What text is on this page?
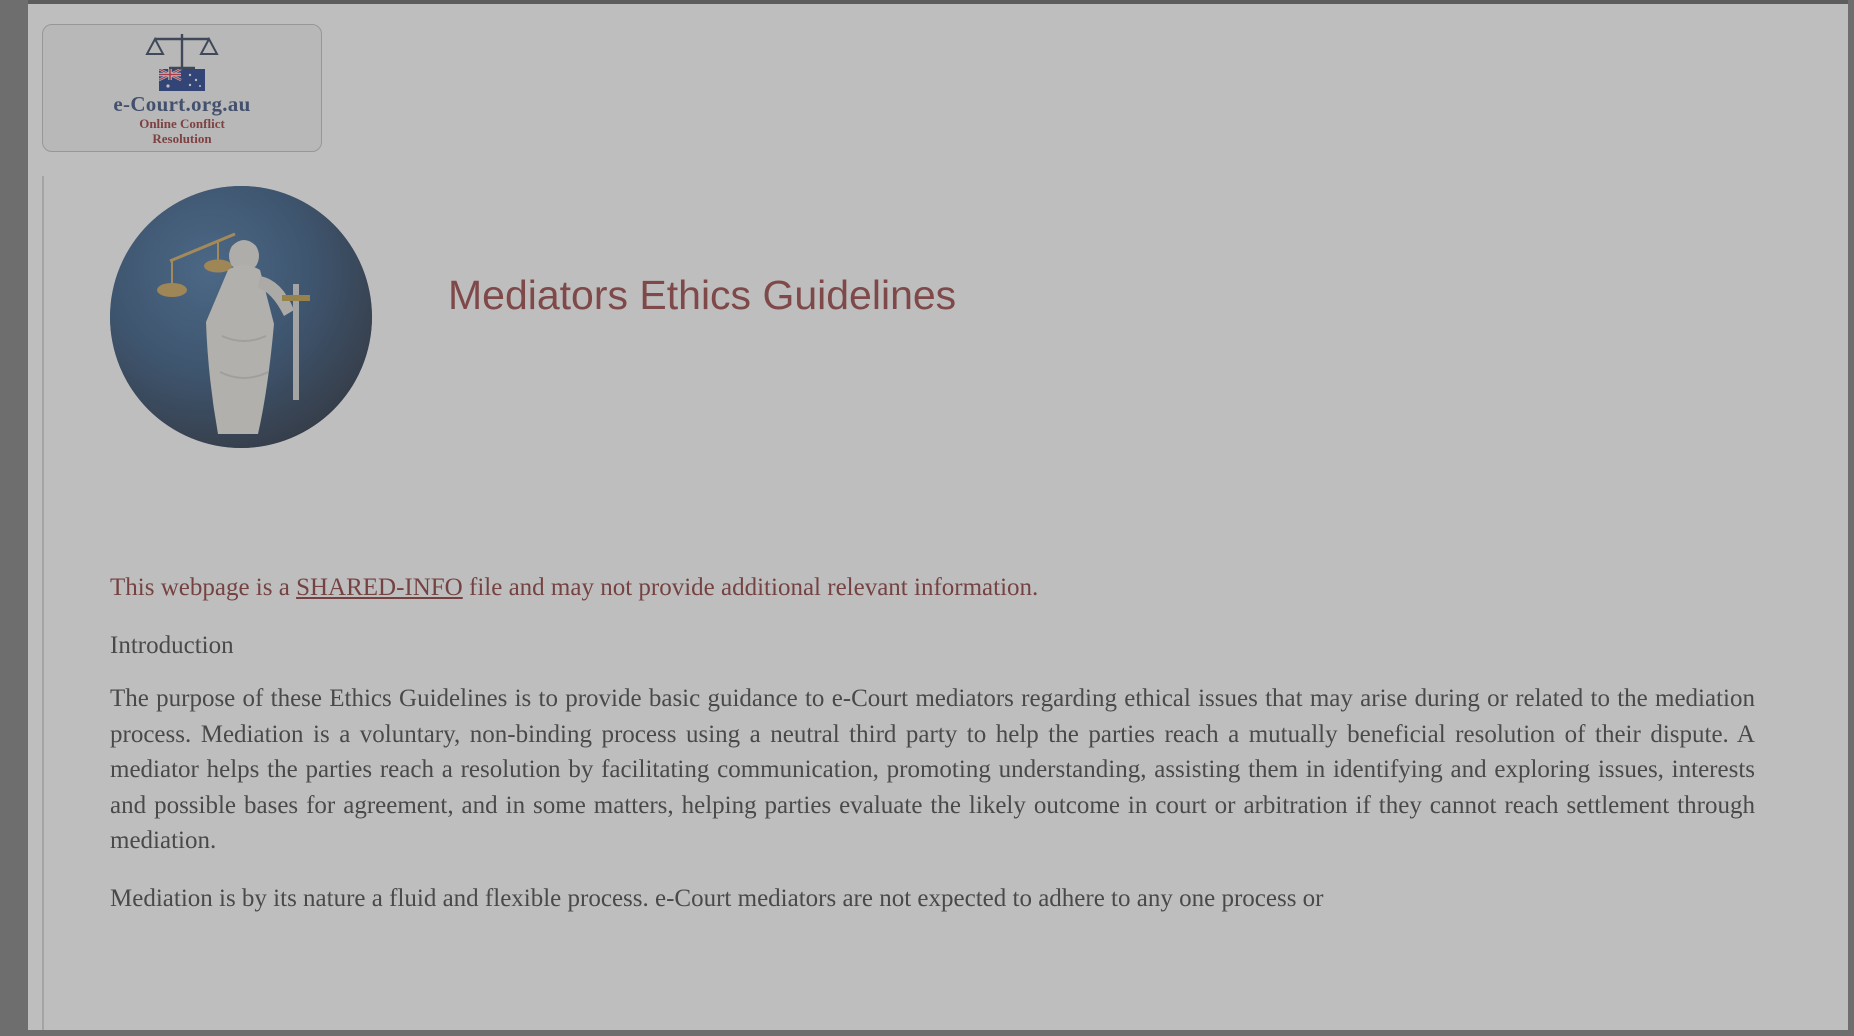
e-Court.org.au
Online Conflict
Resolution
Mediators Ethics Guidelines

This webpage is a SHARED-INFO file and may not provide additional relevant information.

Introduction

The purpose of these Ethics Guidelines is to provide basic guidance to e-Court mediators regarding ethical issues that may arise during or related to the mediation process. Mediation is a voluntary, non-binding process using a neutral third party to help the parties reach a mutually beneficial resolution of their dispute. A mediator helps the parties reach a resolution by facilitating communication, promoting understanding, assisting them in identifying and exploring issues, interests and possible bases for agreement, and in some matters, helping parties evaluate the likely outcome in court or arbitration if they cannot reach settlement through mediation.

Mediation is by its nature a fluid and flexible process. e-Court mediators are not expected to adhere to any one process or
